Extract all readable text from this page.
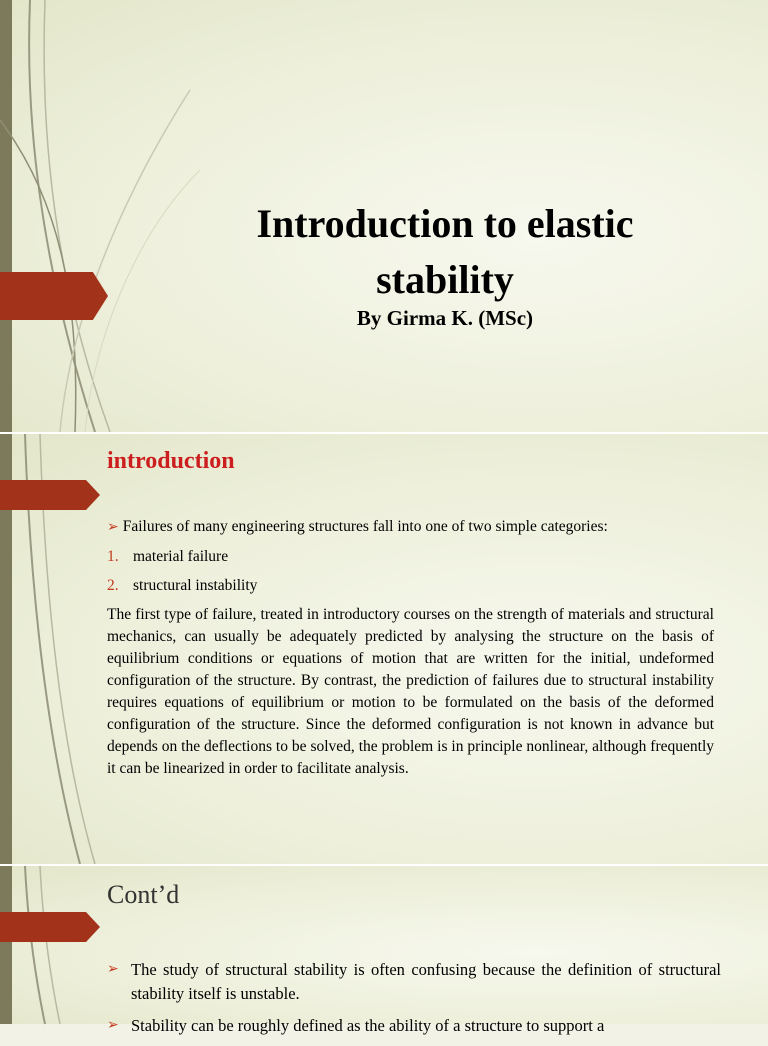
Introduction to elastic
stability
By Girma K. (MSc)
introduction
➢ Failures of many engineering structures fall into one of two simple categories:
1. material failure
2. structural instability
The first type of failure, treated in introductory courses on the strength of materials and structural mechanics, can usually be adequately predicted by analysing the structure on the basis of equilibrium conditions or equations of motion that are written for the initial, undeformed configuration of the structure. By contrast, the prediction of failures due to structural instability requires equations of equilibrium or motion to be formulated on the basis of the deformed configuration of the structure. Since the deformed configuration is not known in advance but depends on the deflections to be solved, the problem is in principle nonlinear, although frequently it can be linearized in order to facilitate analysis.
Cont’d
➢ The study of structural stability is often confusing because the definition of structural stability itself is unstable.
➢ Stability can be roughly defined as the ability of a structure to support a
